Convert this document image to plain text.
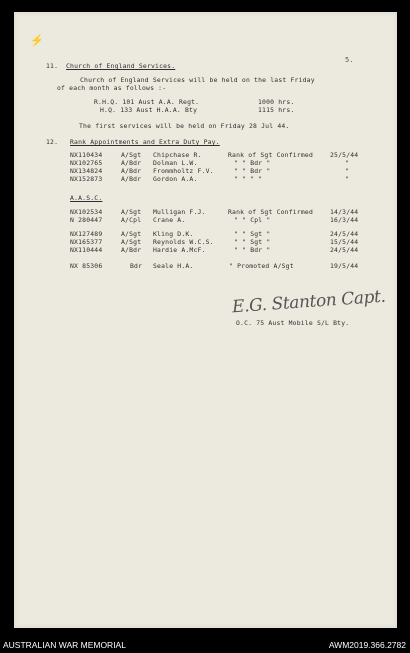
⚡
5.
11. Church of England Services.
Church of England Services will be held on the last Friday
of each month as follows :-
R.H.Q. 101 Aust A.A. Regt.	1000 hrs.
H.Q. 133 Aust H.A.A. Bty	1115 hrs.
The first services will be held on Friday 28 Jul 44.
12. Rank Appointments and Extra Duty Pay.
NX110434	A/Sgt Chipchase R.	Rank of Sgt Confirmed	25/5/44
NX102765	A/Bdr Dolman L.W.	" " Bdr "	"
NX134824	A/Bdr Frommholtz F.V.	" " Bdr "	"
NX152873	A/Bdr Gordon A.A.	" " " "	"
A.A.S.C.
NX102534	A/Sgt Mulligan F.J.	Rank of Sgt Confirmed	14/3/44
N 280447	A/Cpl Crane A.	" " Cpl "	16/3/44
NX127489	A/Sgt Kling D.K.	" " Sgt "	24/5/44
NX165377	A/Sgt Reynolds W.C.S.	" " Sgt "	15/5/44
NX110444	A/Bdr Hardie A.McF.	" " Bdr "	24/5/44
NX 85306	Bdr Seale H.A.	" Promoted A/Sgt	19/5/44
E.G. Stanton Capt.
O.C. 75 Aust Mobile S/L Bty.
AUSTRALIAN WAR MEMORIAL	AWM2019.366.2782
